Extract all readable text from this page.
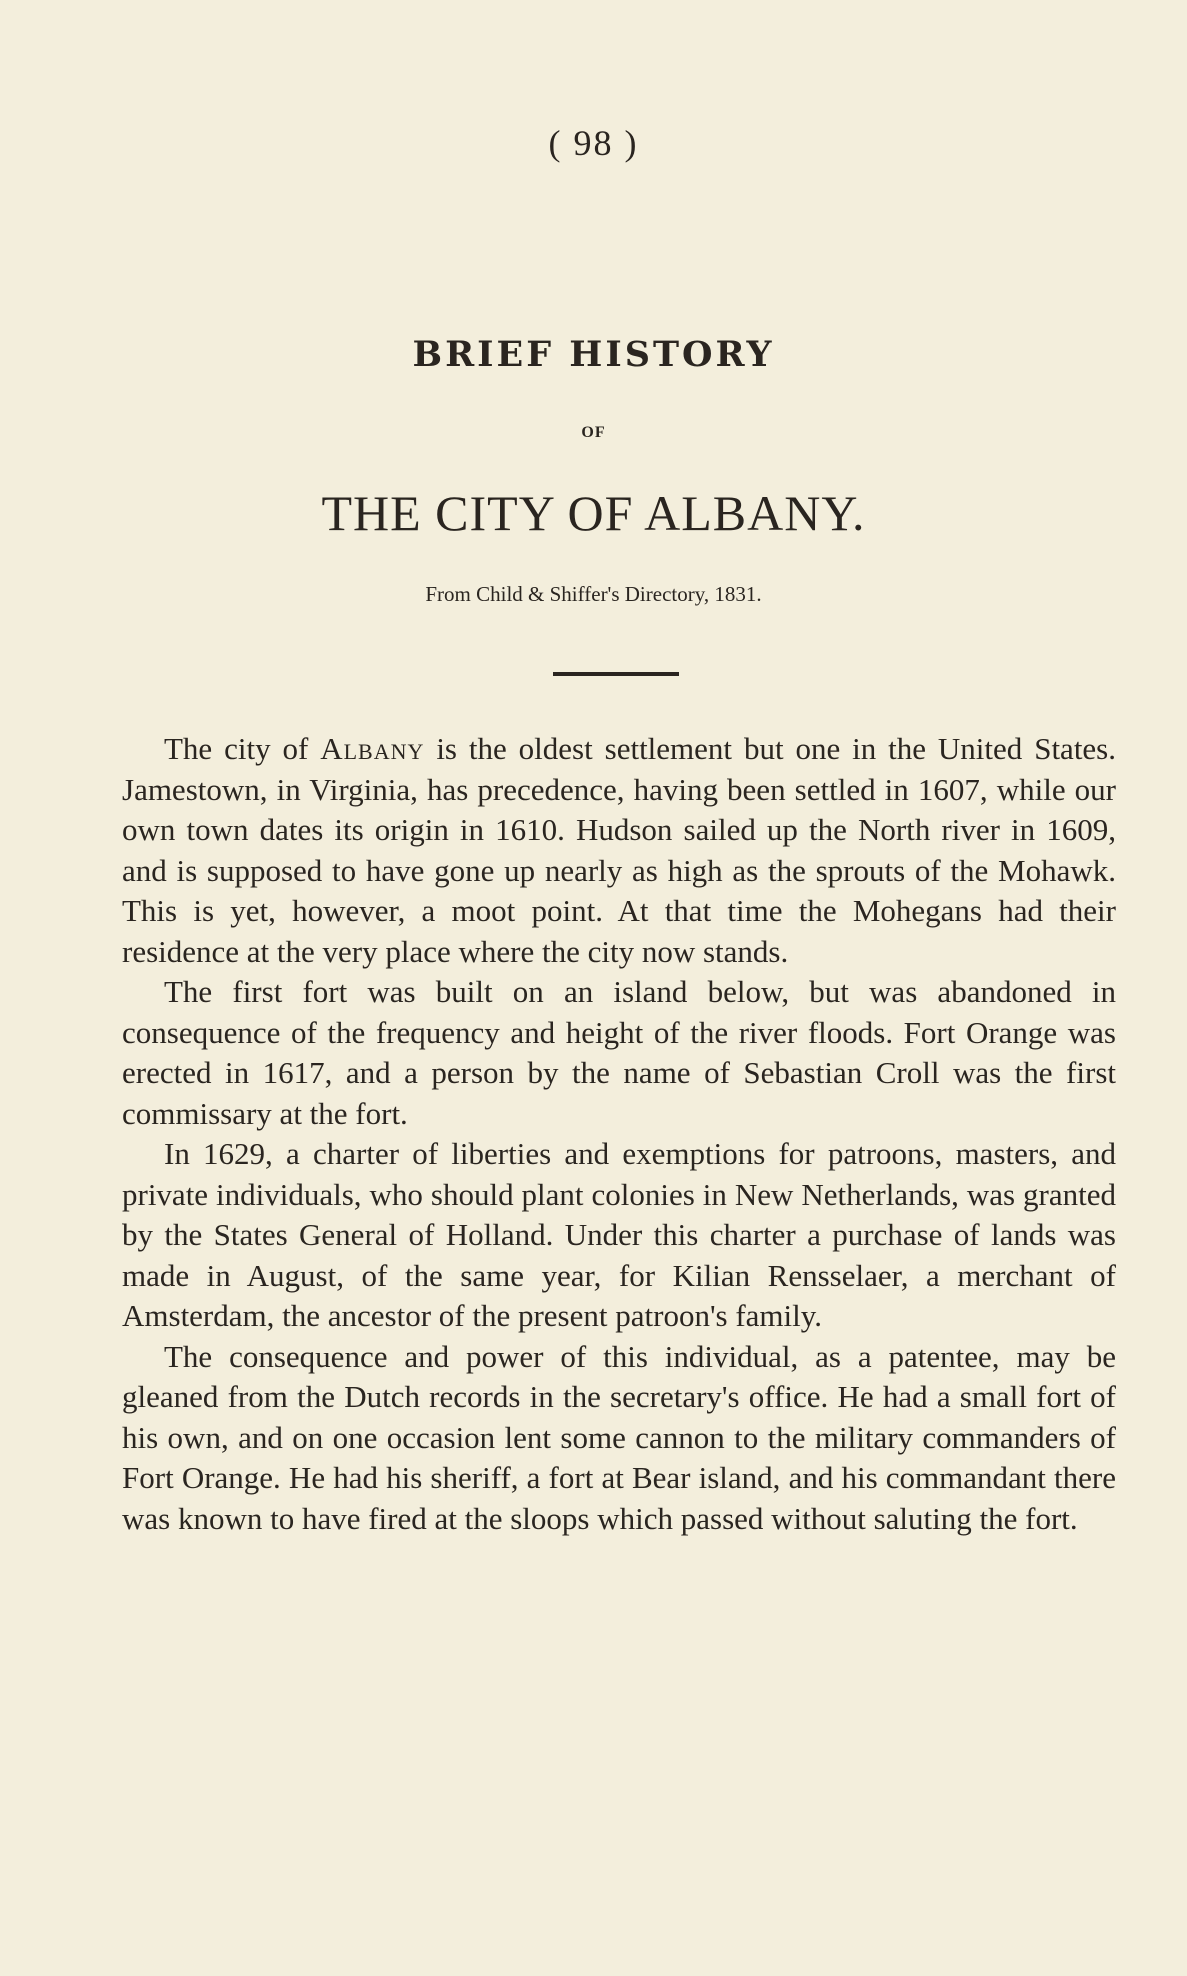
( 98 )
BRIEF HISTORY
OF
THE CITY OF ALBANY.
From Child & Shiffer's Directory, 1831.

The city of Albany is the oldest settlement but one in the United States. Jamestown, in Virginia, has precedence, having been settled in 1607, while our own town dates its origin in 1610. Hudson sailed up the North river in 1609, and is supposed to have gone up nearly as high as the sprouts of the Mohawk. This is yet, however, a moot point. At that time the Mohegans had their residence at the very place where the city now stands.

The first fort was built on an island below, but was abandoned in consequence of the frequency and height of the river floods. Fort Orange was erected in 1617, and a person by the name of Sebastian Croll was the first commissary at the fort.

In 1629, a charter of liberties and exemptions for patroons, masters, and private individuals, who should plant colonies in New Netherlands, was granted by the States General of Holland. Under this charter a purchase of lands was made in August, of the same year, for Kilian Rensselaer, a merchant of Amsterdam, the ancestor of the present patroon's family.

The consequence and power of this individual, as a patentee, may be gleaned from the Dutch records in the secretary's office. He had a small fort of his own, and on one occasion lent some cannon to the military commanders of Fort Orange. He had his sheriff, a fort at Bear island, and his commandant there was known to have fired at the sloops which passed without saluting the fort.
